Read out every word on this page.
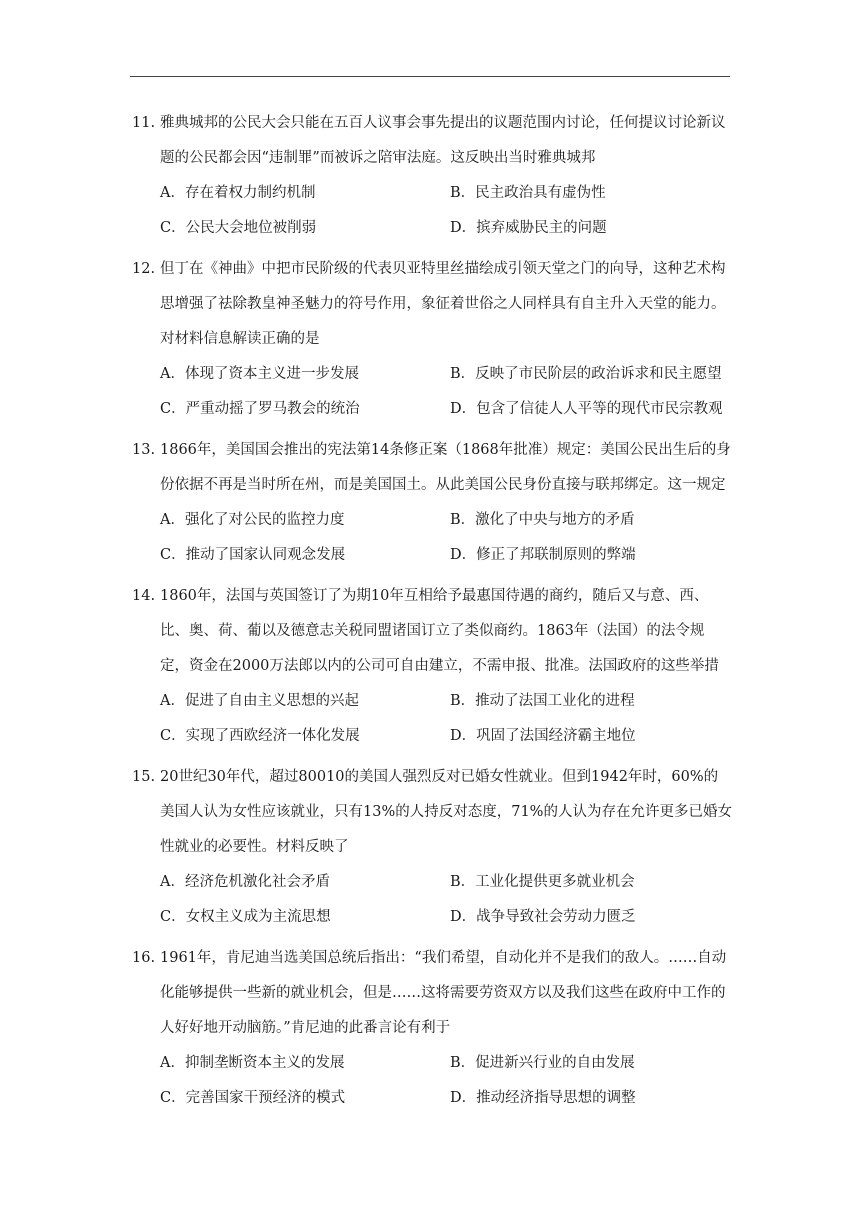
11. 雅典城邦的公民大会只能在五百人议事会事先提出的议题范围内讨论，任何提议讨论新议题的公民都会因“违制罪”而被诉之陪审法庭。这反映出当时雅典城邦
A．存在着权力制约机制	B．民主政治具有虚伪性
C．公民大会地位被削弱	D．摈弃威胁民主的问题
12. 但丁在《神曲》中把市民阶级的代表贝亚特里丝描绘成引领天堂之门的向导，这种艺术构思增强了祛除教皇神圣魅力的符号作用，象征着世俗之人同样具有自主升入天堂的能力。对材料信息解读正确的是
A．体现了资本主义进一步发展	B．反映了市民阶层的政治诉求和民主愿望
C．严重动摇了罗马教会的统治	D．包含了信徒人人平等的现代市民宗教观
13. 1866年，美国国会推出的宪法第14条修正案（1868年批准）规定：美国公民出生后的身份依据不再是当时所在州，而是美国国土。从此美国公民身份直接与联邦绑定。这一规定
A．强化了对公民的监控力度	B．激化了中央与地方的矛盾
C．推动了国家认同观念发展	D．修正了邦联制原则的弊端
14. 1860年，法国与英国签订了为期10年互相给予最惠国待遇的商约，随后又与意、西、比、奥、荷、葡以及德意志关税同盟诸国订立了类似商约。1863年（法国）的法令规定，资金在2000万法郎以内的公司可自由建立，不需申报、批准。法国政府的这些举措
A．促进了自由主义思想的兴起	B．推动了法国工业化的进程
C．实现了西欧经济一体化发展	D．巩固了法国经济霸主地位
15. 20世纪30年代，超过80010的美国人强烈反对已婚女性就业。但到1942年时，60%的美国人认为女性应该就业，只有13%的人持反对态度，71%的人认为存在允许更多已婚女性就业的必要性。材料反映了
A．经济危机激化社会矛盾	B．工业化提供更多就业机会
C．女权主义成为主流思想	D．战争导致社会劳动力匮乏
16. 1961年，肯尼迪当选美国总统后指出：“我们希望，自动化并不是我们的敌人。……自动化能够提供一些新的就业机会，但是……这将需要劳资双方以及我们这些在政府中工作的人好好地开动脑筋。”肯尼迪的此番言论有利于
A．抑制垄断资本主义的发展	B．促进新兴行业的自由发展
C．完善国家干预经济的模式	D．推动经济指导思想的调整
